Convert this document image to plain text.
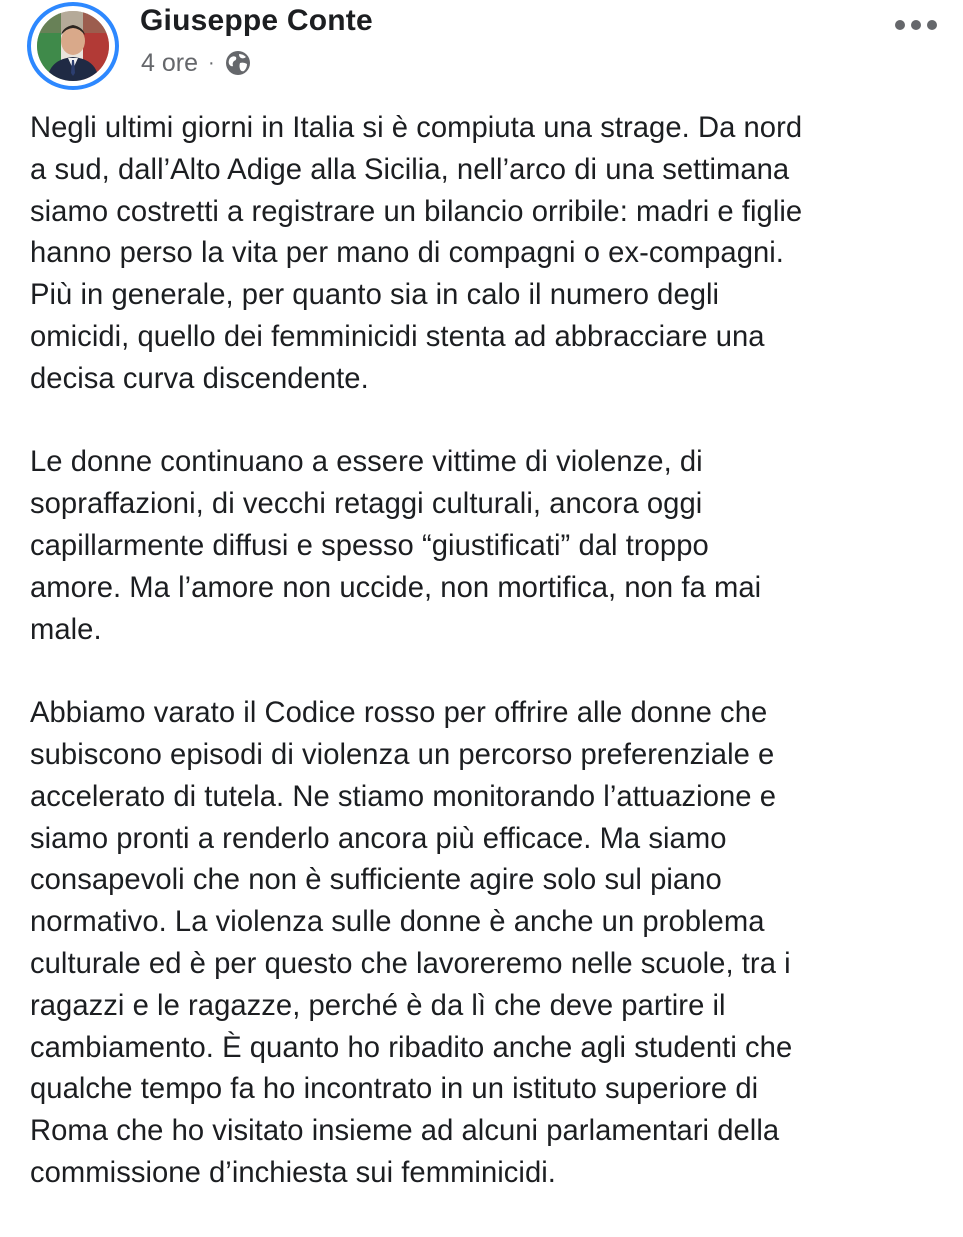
Giuseppe Conte
4 ore ·

Negli ultimi giorni in Italia si è compiuta una strage. Da nord
a sud, dall’Alto Adige alla Sicilia, nell’arco di una settimana
siamo costretti a registrare un bilancio orribile: madri e figlie
hanno perso la vita per mano di compagni o ex-compagni.
Più in generale, per quanto sia in calo il numero degli
omicidi, quello dei femminicidi stenta ad abbracciare una
decisa curva discendente.

Le donne continuano a essere vittime di violenze, di
sopraffazioni, di vecchi retaggi culturali, ancora oggi
capillarmente diffusi e spesso “giustificati” dal troppo
amore. Ma l’amore non uccide, non mortifica, non fa mai
male.

Abbiamo varato il Codice rosso per offrire alle donne che
subiscono episodi di violenza un percorso preferenziale e
accelerato di tutela. Ne stiamo monitorando l’attuazione e
siamo pronti a renderlo ancora più efficace. Ma siamo
consapevoli che non è sufficiente agire solo sul piano
normativo. La violenza sulle donne è anche un problema
culturale ed è per questo che lavoreremo nelle scuole, tra i
ragazzi e le ragazze, perché è da lì che deve partire il
cambiamento. È quanto ho ribadito anche agli studenti che
qualche tempo fa ho incontrato in un istituto superiore di
Roma che ho visitato insieme ad alcuni parlamentari della
commissione d’inchiesta sui femminicidi.
